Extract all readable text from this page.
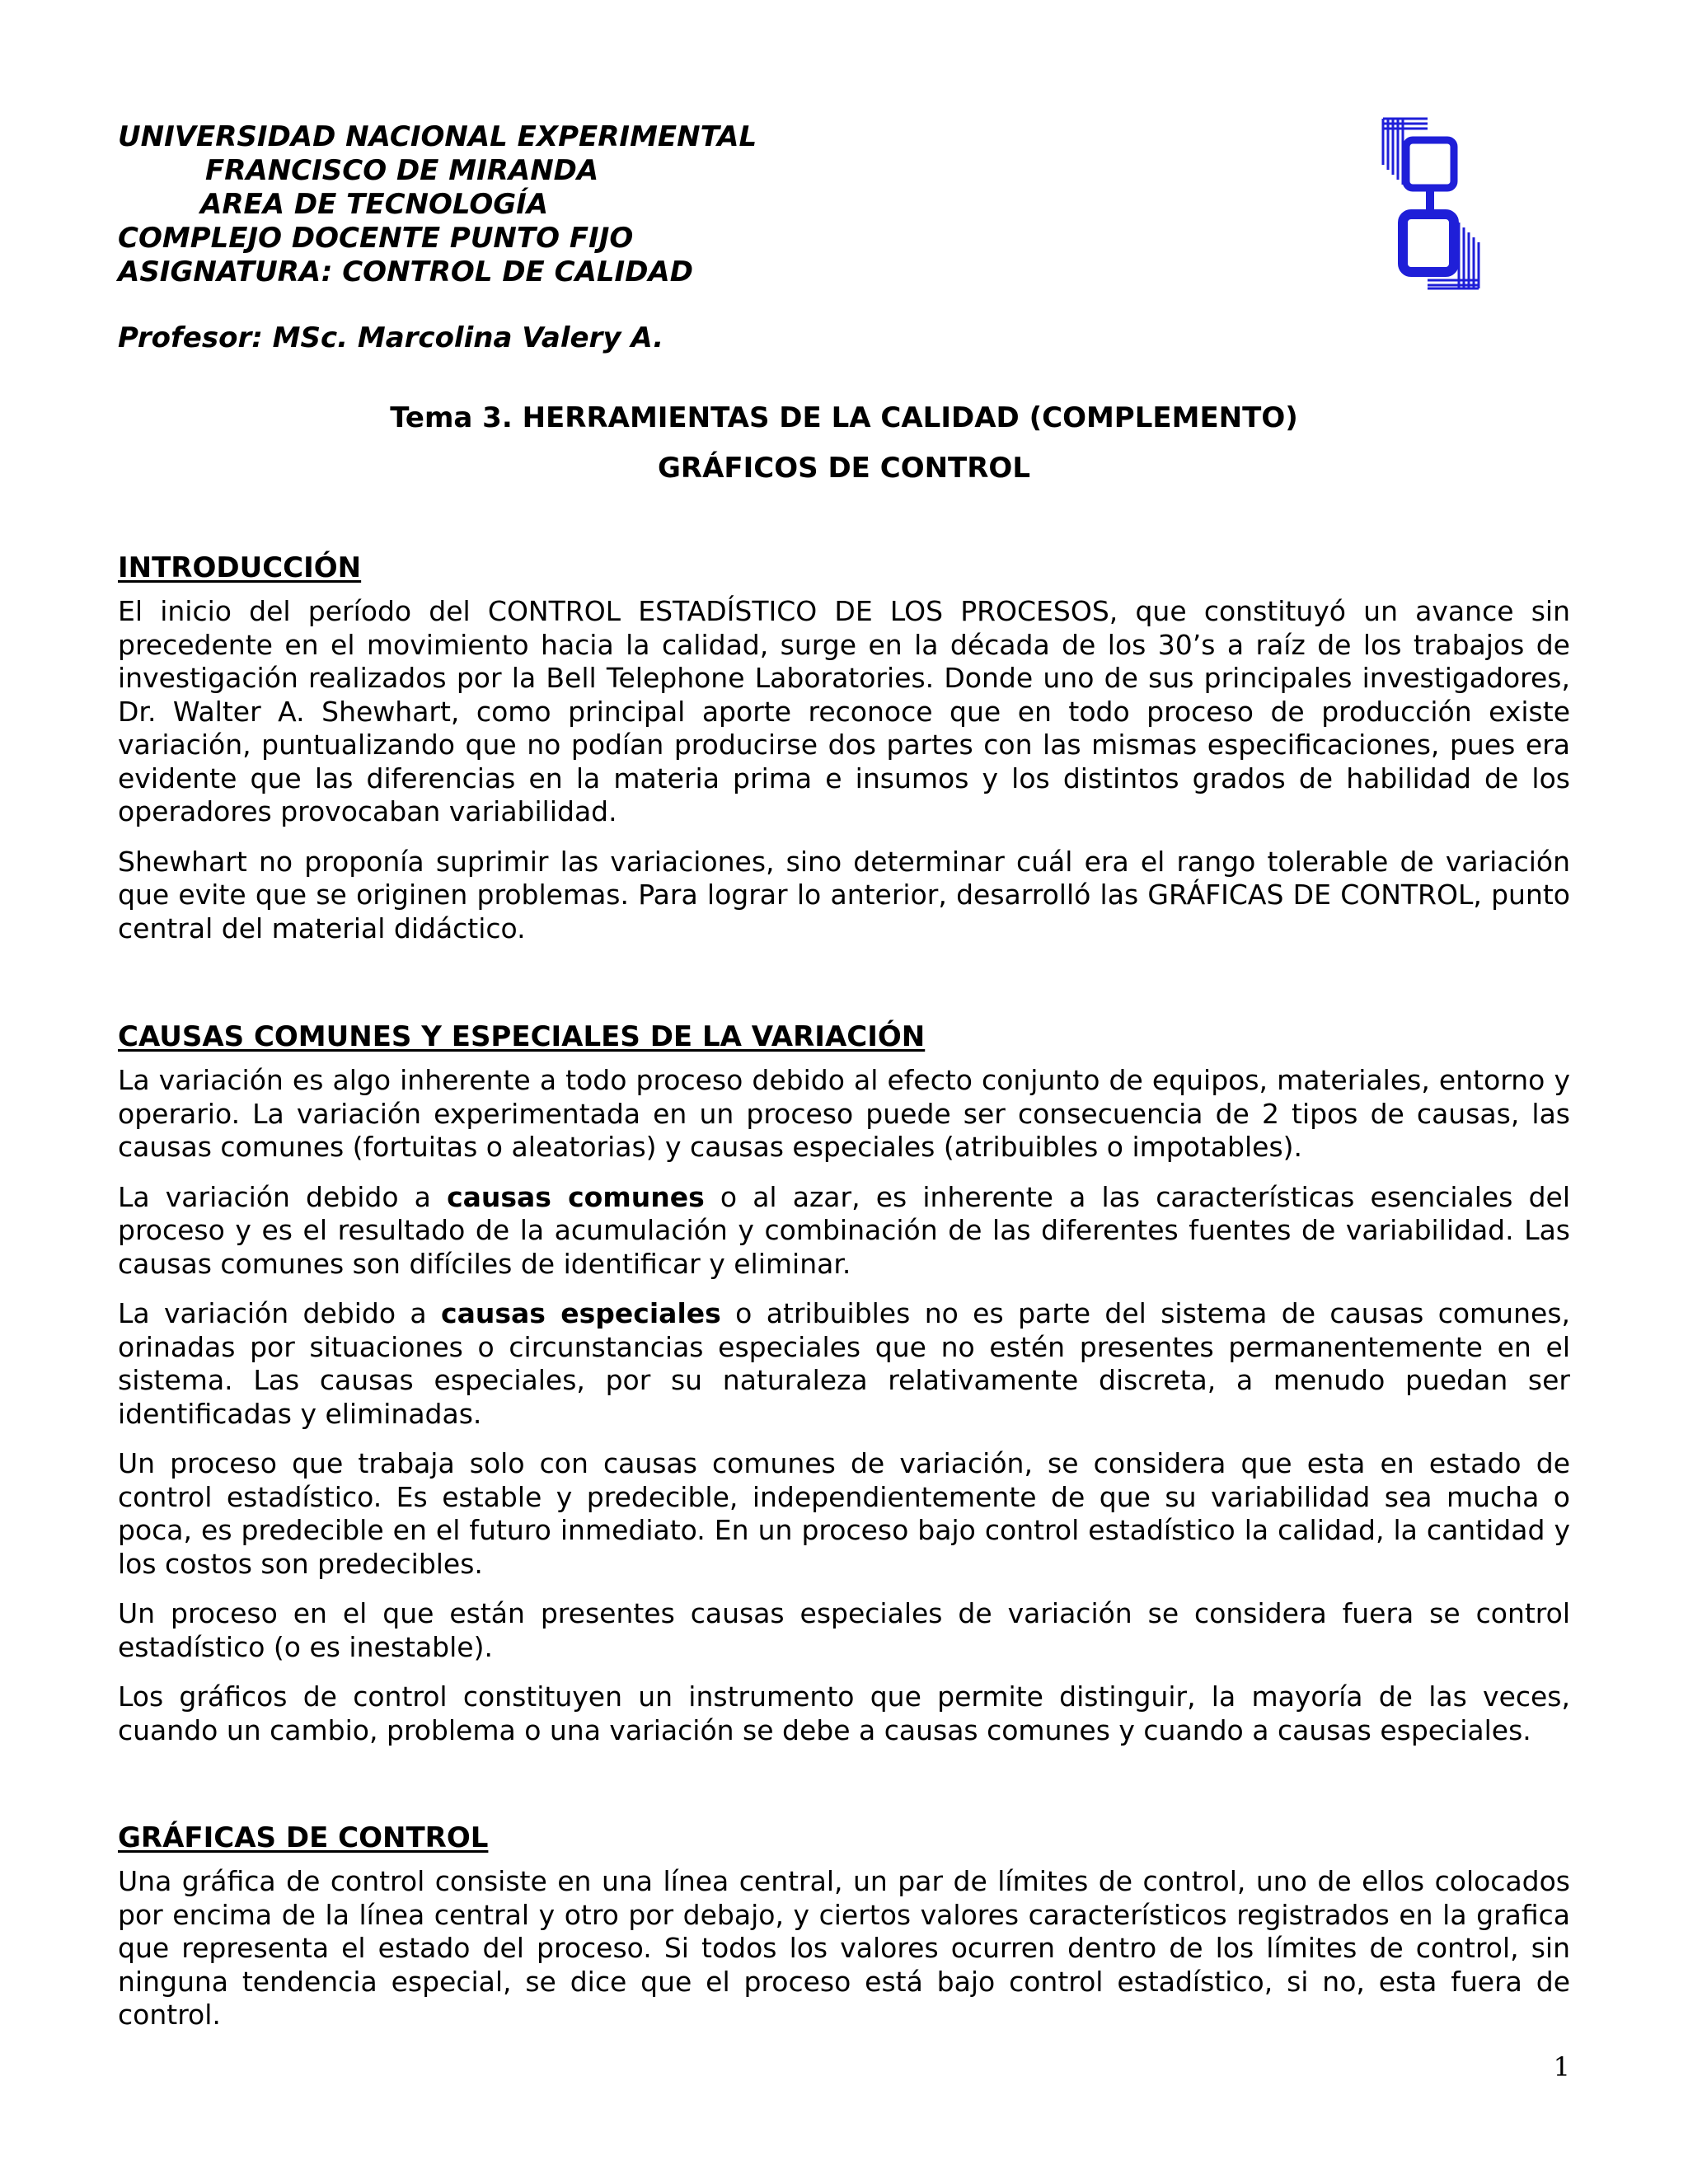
UNIVERSIDAD NACIONAL EXPERIMENTAL
FRANCISCO DE MIRANDA
AREA DE TECNOLOGÍA
COMPLEJO DOCENTE PUNTO FIJO
ASIGNATURA: CONTROL DE CALIDAD
Profesor: MSc. Marcolina Valery A.
Tema 3. HERRAMIENTAS DE LA CALIDAD (COMPLEMENTO)
GRÁFICOS DE CONTROL
INTRODUCCIÓN

El inicio del período del CONTROL ESTADÍSTICO DE LOS PROCESOS, que constituyó un avance sin precedente en el movimiento hacia la calidad, surge en la década de los 30’s a raíz de los trabajos de investigación realizados por la Bell Telephone Laboratories. Donde uno de sus principales investigadores, Dr. Walter A. Shewhart, como principal aporte reconoce que en todo proceso de producción existe variación, puntualizando que no podían producirse dos partes con las mismas especificaciones, pues era evidente que las diferencias en la materia prima e insumos y los distintos grados de habilidad de los operadores provocaban variabilidad.

Shewhart no proponía suprimir las variaciones, sino determinar cuál era el rango tolerable de variación que evite que se originen problemas. Para lograr lo anterior, desarrolló las GRÁFICAS DE CONTROL, punto central del material didáctico.

CAUSAS COMUNES Y ESPECIALES DE LA VARIACIÓN

La variación es algo inherente a todo proceso debido al efecto conjunto de equipos, materiales, entorno y operario. La variación experimentada en un proceso puede ser consecuencia de 2 tipos de causas, las causas comunes (fortuitas o aleatorias) y causas especiales (atribuibles o impotables).

La variación debido a causas comunes o al azar, es inherente a las características esenciales del proceso y es el resultado de la acumulación y combinación de las diferentes fuentes de variabilidad. Las causas comunes son difíciles de identificar y eliminar.

La variación debido a causas especiales o atribuibles no es parte del sistema de causas comunes, orinadas por situaciones o circunstancias especiales que no estén presentes permanentemente en el sistema. Las causas especiales, por su naturaleza relativamente discreta, a menudo puedan ser identificadas y eliminadas.

Un proceso que trabaja solo con causas comunes de variación, se considera que esta en estado de control estadístico. Es estable y predecible, independientemente de que su variabilidad sea mucha o poca, es predecible en el futuro inmediato. En un proceso bajo control estadístico la calidad, la cantidad y los costos son predecibles.

Un proceso en el que están presentes causas especiales de variación se considera fuera se control estadístico (o es inestable).

Los gráficos de control constituyen un instrumento que permite distinguir, la mayoría de las veces, cuando un cambio, problema o una variación se debe a causas comunes y cuando a causas especiales.

GRÁFICAS DE CONTROL

Una gráfica de control consiste en una línea central, un par de límites de control, uno de ellos colocados por encima de la línea central y otro por debajo, y ciertos valores característicos registrados en la grafica que representa el estado del proceso. Si todos los valores ocurren dentro de los límites de control, sin ninguna tendencia especial, se dice que el proceso está bajo control estadístico, si no, esta fuera de control.

1
